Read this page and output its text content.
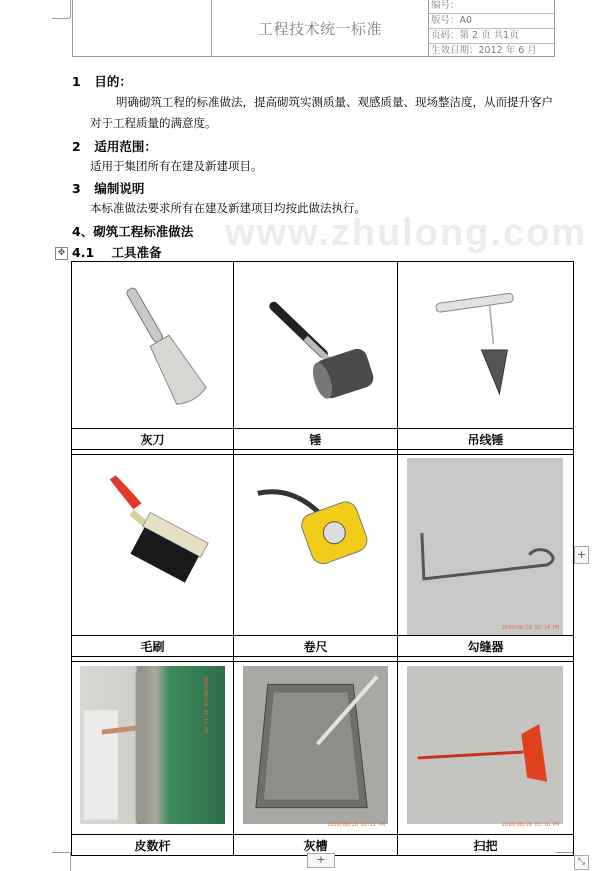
工程技术统一标准
编号：
版号：A0
页码：第 2 页 共1页
生效日期：2012 年 6 月
1 目的：
明确砌筑工程的标准做法，提高砌筑实测质量、观感质量、现场整洁度，从而提升客户对于工程质量的满意度。
2 适用范围：
适用于集团所有在建及新建项目。
3 编制说明
本标准做法要求所有在建及新建项目均按此做法执行。
4、砌筑工程标准做法 www.zhulong.com
✥ 4.1    工具准备

灰刀	锤	吊线锤

2010/08/28 02:14 PM

毛刷	卷尺	勾缝器

2010/08/28 02:14 PM	2010/08/28 02:11 PM	2010/08/28 03:16 PM

皮数杆	灰槽	扫把
+
+	⤡
